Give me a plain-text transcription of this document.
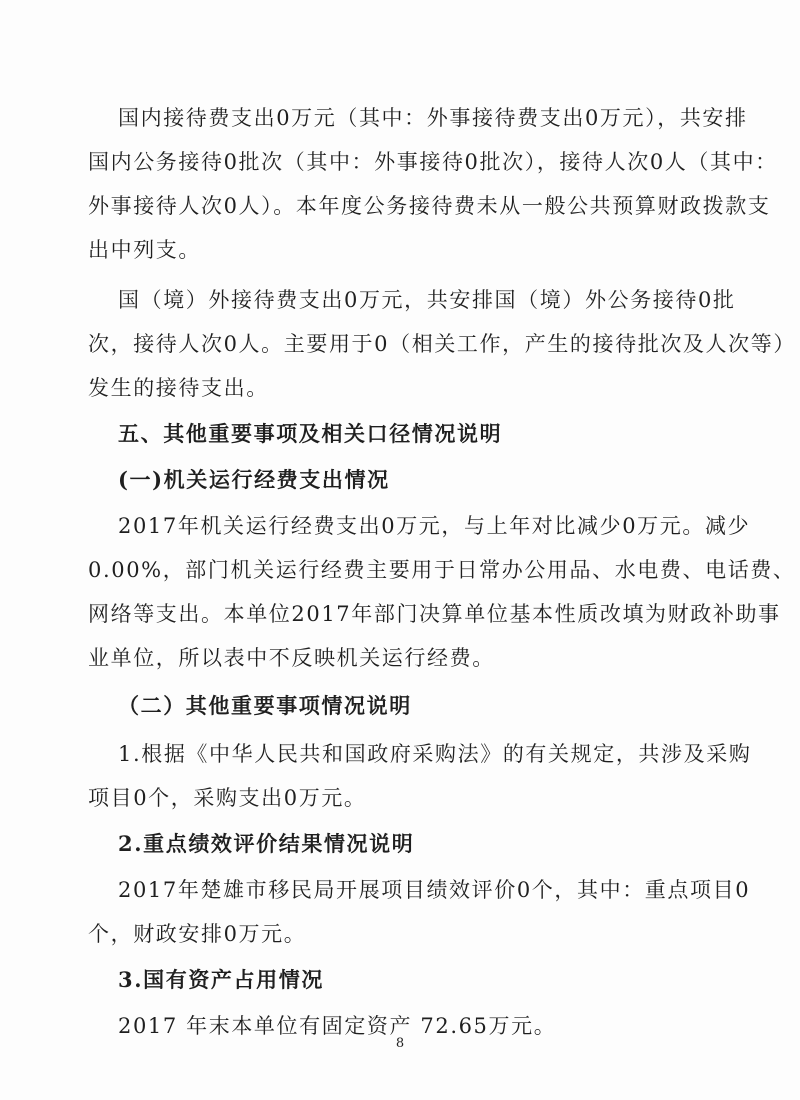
国内接待费支出0万元（其中：外事接待费支出0万元），共安排
国内公务接待0批次（其中：外事接待0批次），接待人次0人（其中：
外事接待人次0人）。本年度公务接待费未从一般公共预算财政拨款支
出中列支。
国（境）外接待费支出0万元，共安排国（境）外公务接待0批
次，接待人次0人。主要用于0（相关工作，产生的接待批次及人次等）
发生的接待支出。
五、其他重要事项及相关口径情况说明
(一)机关运行经费支出情况
2017年机关运行经费支出0万元，与上年对比减少0万元。减少
0.00%，部门机关运行经费主要用于日常办公用品、水电费、电话费、
网络等支出。本单位2017年部门决算单位基本性质改填为财政补助事
业单位，所以表中不反映机关运行经费。
（二）其他重要事项情况说明
1.根据《中华人民共和国政府采购法》的有关规定，共涉及采购
项目0个，采购支出0万元。
2.重点绩效评价结果情况说明
2017年楚雄市移民局开展项目绩效评价0个，其中：重点项目0
个，财政安排0万元。
3.国有资产占用情况
2017 年末本单位有固定资产 72.65万元。
8
